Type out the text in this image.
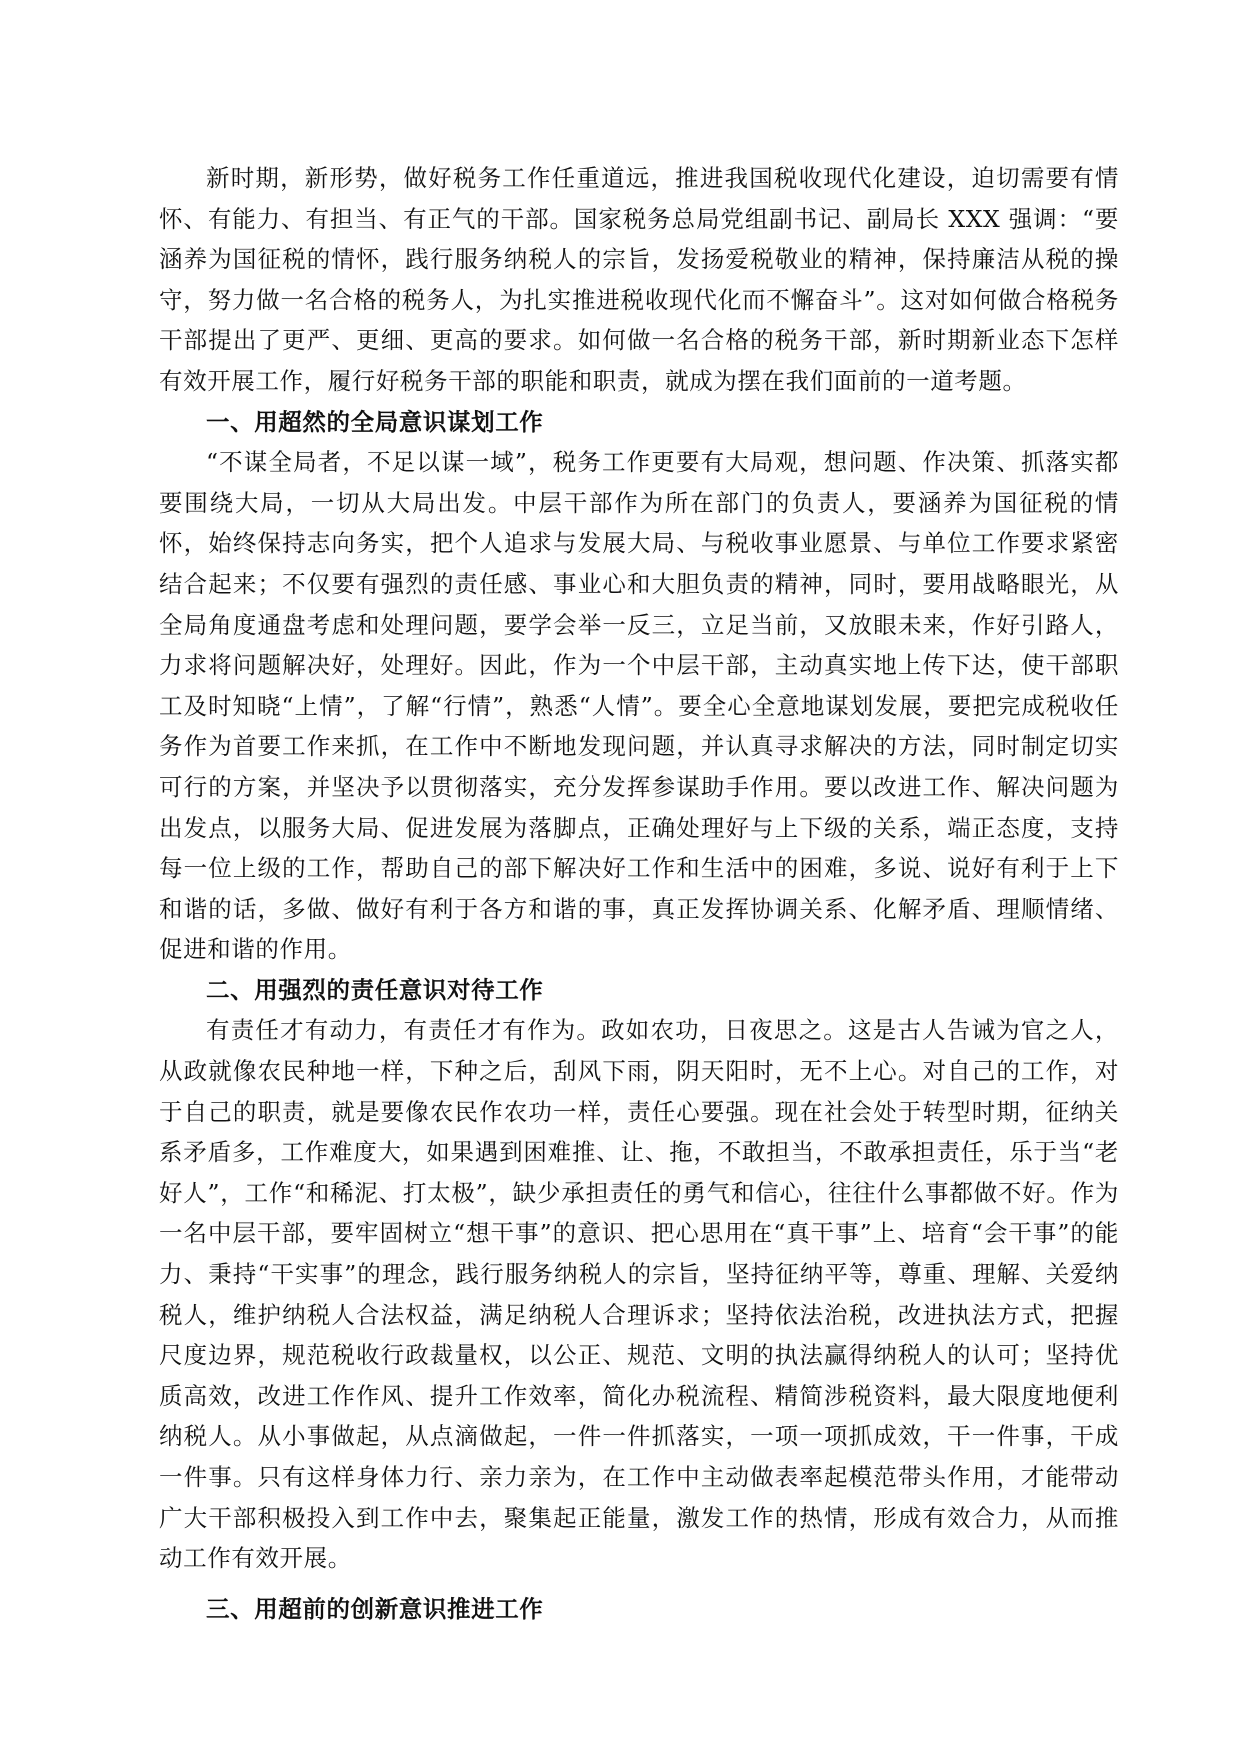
新时期，新形势，做好税务工作任重道远，推进我国税收现代化建设，迫切需要有情怀、有能力、有担当、有正气的干部。国家税务总局党组副书记、副局长 XXX 强调：“要涵养为国征税的情怀，践行服务纳税人的宗旨，发扬爱税敬业的精神，保持廉洁从税的操守，努力做一名合格的税务人，为扎实推进税收现代化而不懈奋斗”。这对如何做合格税务干部提出了更严、更细、更高的要求。如何做一名合格的税务干部，新时期新业态下怎样有效开展工作，履行好税务干部的职能和职责，就成为摆在我们面前的一道考题。

一、用超然的全局意识谋划工作

“不谋全局者，不足以谋一域”，税务工作更要有大局观，想问题、作决策、抓落实都要围绕大局，一切从大局出发。中层干部作为所在部门的负责人，要涵养为国征税的情怀，始终保持志向务实，把个人追求与发展大局、与税收事业愿景、与单位工作要求紧密结合起来；不仅要有强烈的责任感、事业心和大胆负责的精神，同时，要用战略眼光，从全局角度通盘考虑和处理问题，要学会举一反三，立足当前，又放眼未来，作好引路人，力求将问题解决好，处理好。因此，作为一个中层干部，主动真实地上传下达，使干部职工及时知晓“上情”，了解“行情”，熟悉“人情”。要全心全意地谋划发展，要把完成税收任务作为首要工作来抓，在工作中不断地发现问题，并认真寻求解决的方法，同时制定切实可行的方案，并坚决予以贯彻落实，充分发挥参谋助手作用。要以改进工作、解决问题为出发点，以服务大局、促进发展为落脚点，正确处理好与上下级的关系，端正态度，支持每一位上级的工作，帮助自己的部下解决好工作和生活中的困难，多说、说好有利于上下和谐的话，多做、做好有利于各方和谐的事，真正发挥协调关系、化解矛盾、理顺情绪、促进和谐的作用。

二、用强烈的责任意识对待工作

有责任才有动力，有责任才有作为。政如农功，日夜思之。这是古人告诫为官之人，从政就像农民种地一样，下种之后，刮风下雨，阴天阳时，无不上心。对自己的工作，对于自己的职责，就是要像农民作农功一样，责任心要强。现在社会处于转型时期，征纳关系矛盾多，工作难度大，如果遇到困难推、让、拖，不敢担当，不敢承担责任，乐于当“老好人”，工作“和稀泥、打太极”，缺少承担责任的勇气和信心，往往什么事都做不好。作为一名中层干部，要牢固树立“想干事”的意识、把心思用在“真干事”上、培育“会干事”的能力、秉持“干实事”的理念，践行服务纳税人的宗旨，坚持征纳平等，尊重、理解、关爱纳税人，维护纳税人合法权益，满足纳税人合理诉求；坚持依法治税，改进执法方式，把握尺度边界，规范税收行政裁量权，以公正、规范、文明的执法赢得纳税人的认可；坚持优质高效，改进工作作风、提升工作效率，简化办税流程、精简涉税资料，最大限度地便利纳税人。从小事做起，从点滴做起，一件一件抓落实，一项一项抓成效，干一件事，干成一件事。只有这样身体力行、亲力亲为，在工作中主动做表率起模范带头作用，才能带动广大干部积极投入到工作中去，聚集起正能量，激发工作的热情，形成有效合力，从而推动工作有效开展。

三、用超前的创新意识推进工作
